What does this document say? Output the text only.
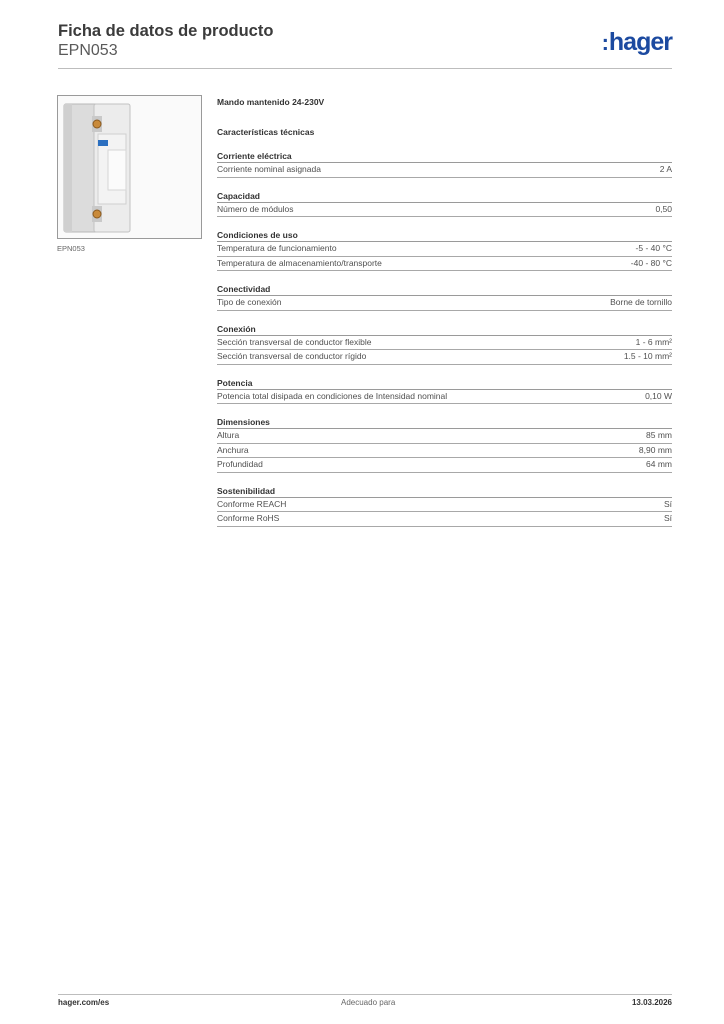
Ficha de datos de producto
EPN053	:hager
EPN053
Mando mantenido 24-230V
Características técnicas
Corriente eléctrica
Corriente nominal asignada	2 A
Capacidad
Número de módulos	0,50
Condiciones de uso
Temperatura de funcionamiento	-5 - 40 °C
Temperatura de almacenamiento/transporte	-40 - 80 °C
Conectividad
Tipo de conexión	Borne de tornillo
Conexión
Sección transversal de conductor flexible	1 - 6 mm²
Sección transversal de conductor rígido	1.5 - 10 mm²
Potencia
Potencia total disipada en condiciones de Intensidad nominal	0,10 W
Dimensiones
Altura	85 mm
Anchura	8,90 mm
Profundidad	64 mm
Sostenibilidad
Conforme REACH	Sí
Conforme RoHS	Sí
hager.com/es	Adecuado para	13.03.2026
